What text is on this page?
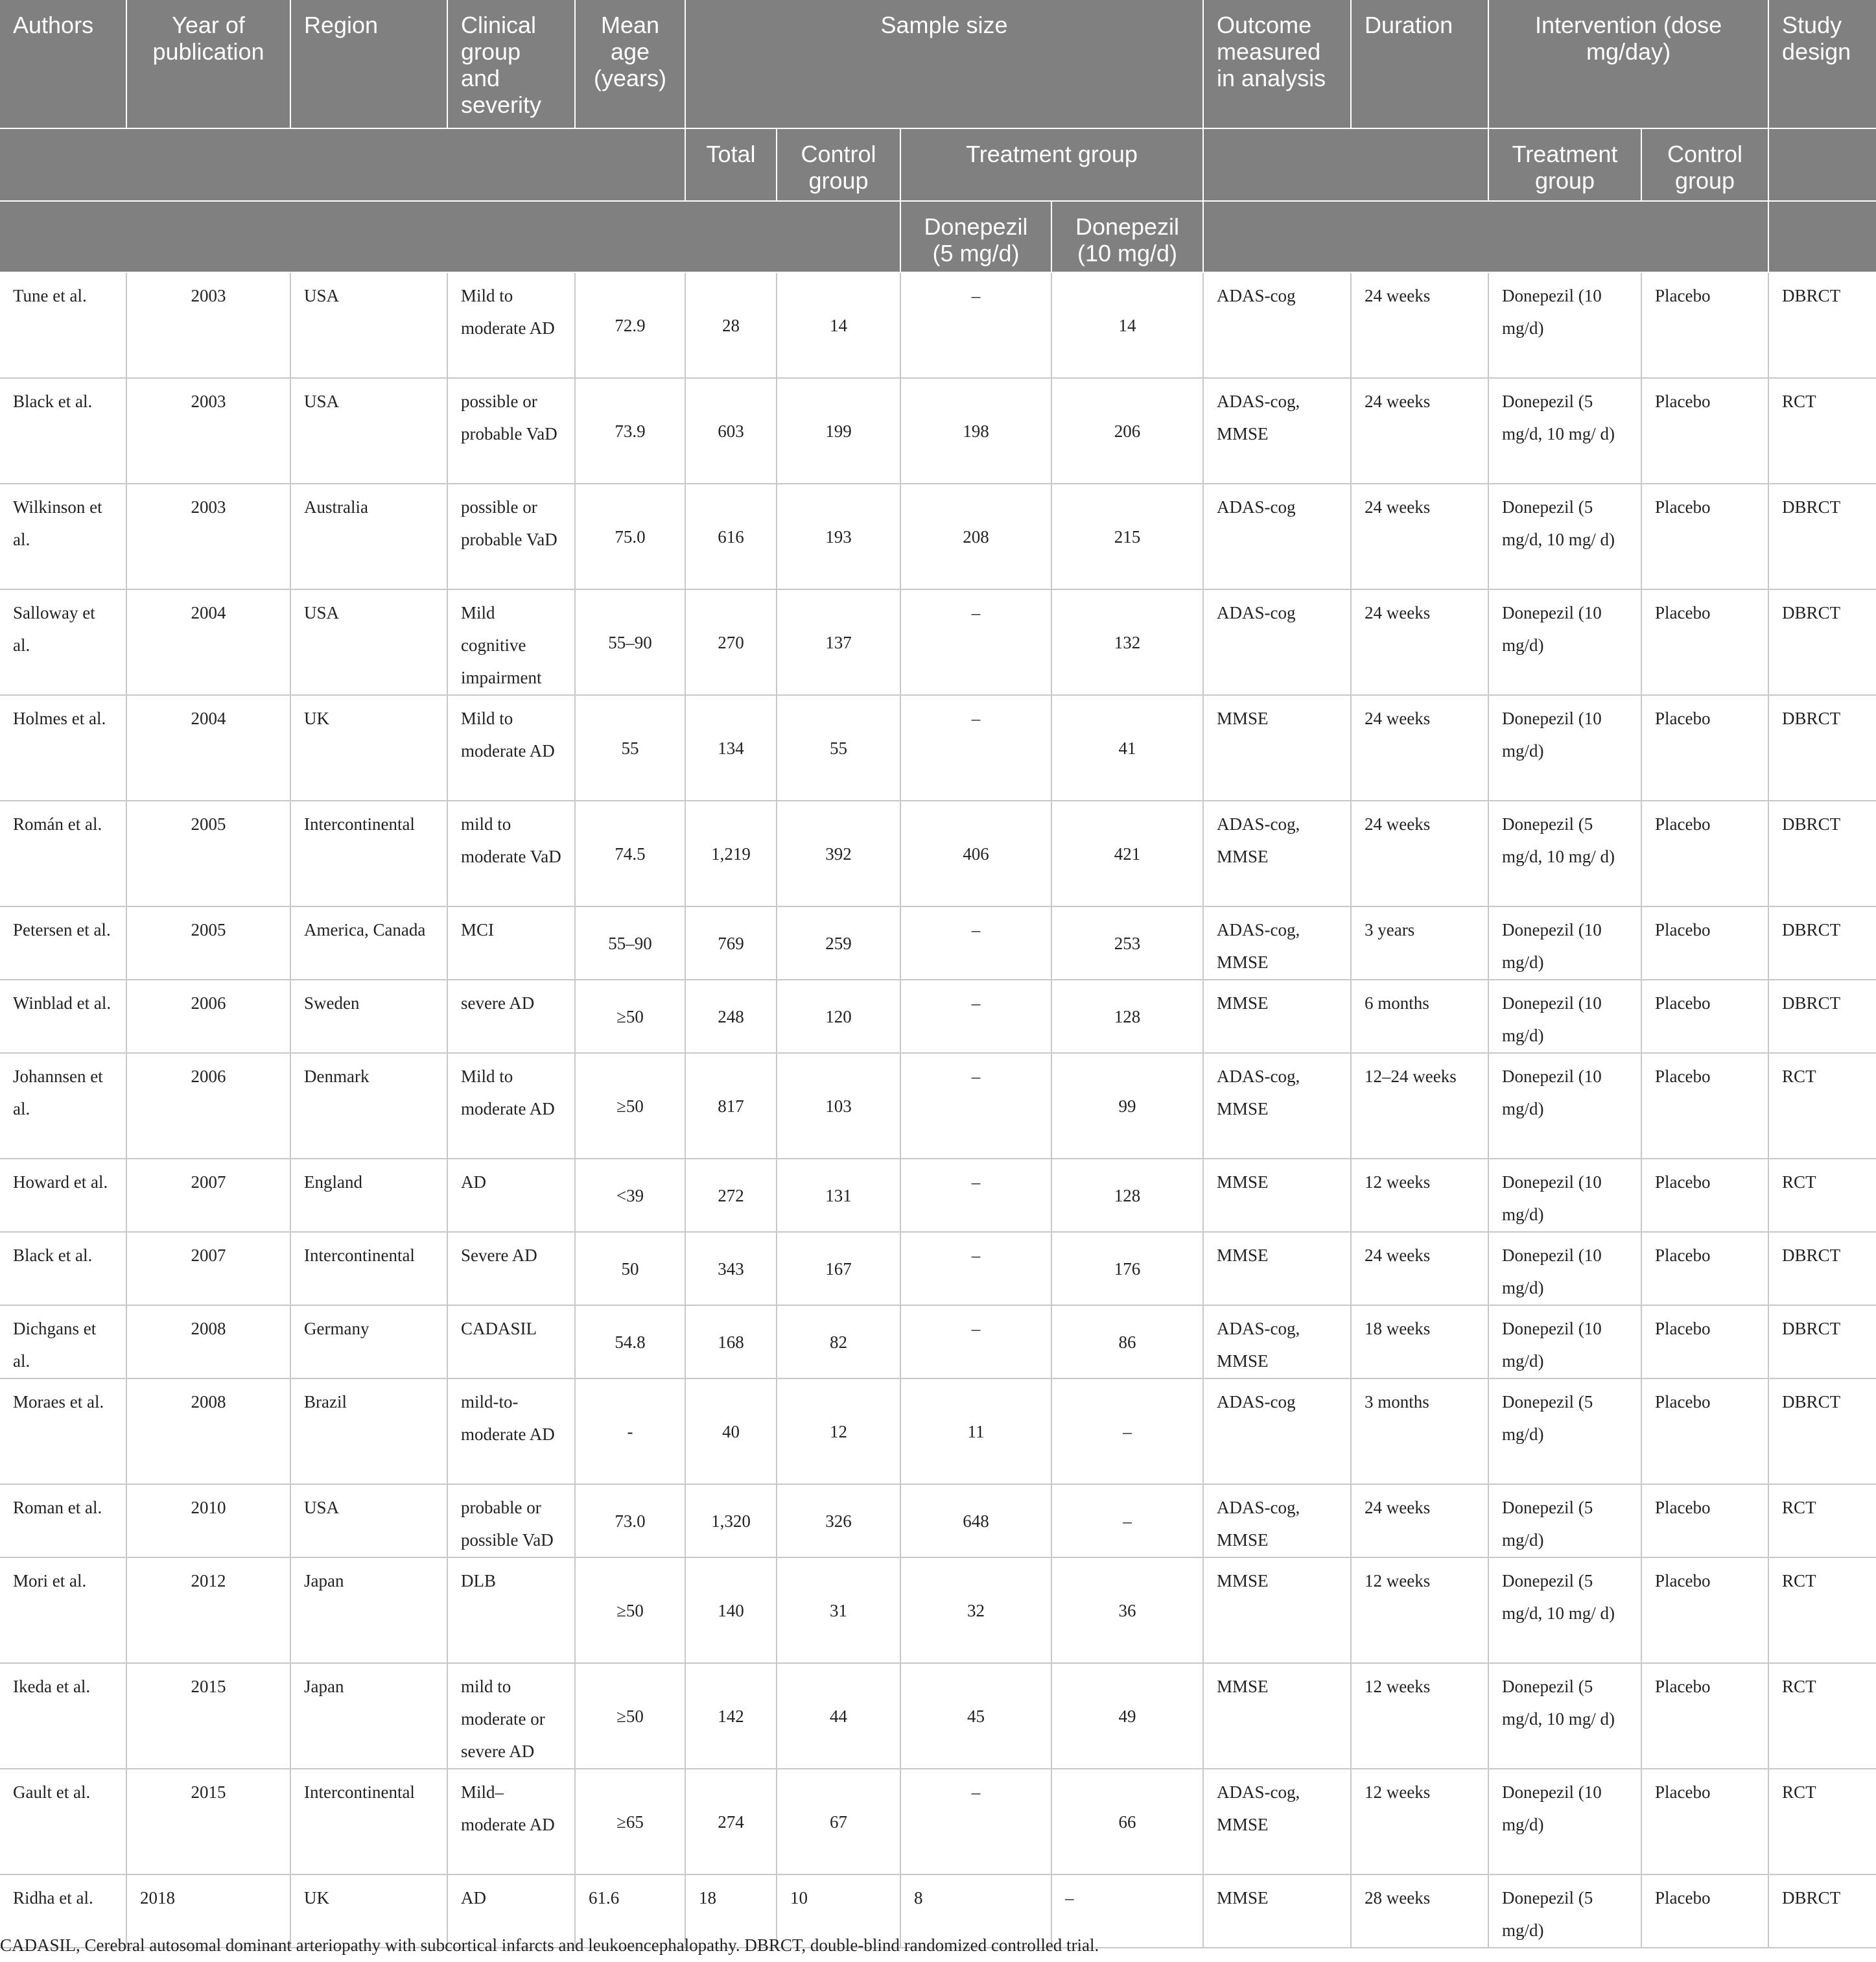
Authors	Year of publication	Region	Clinical group and severity	Mean age (years)	Sample size				Outcome measured in analysis	Duration	Intervention (dose mg/day)		Study design
					Total	Control group	Treatment group				Treatment group	Control group	
							Donepezil (5 mg/d)	Donepezil (10 mg/d)					
Tune et al.	2003	USA	Mild to moderate AD	72.9	28	14	–	14	ADAS-cog	24 weeks	Donepezil (10 mg/d)	Placebo	DBRCT
Black et al.	2003	USA	possible or probable VaD	73.9	603	199	198	206	ADAS-cog, MMSE	24 weeks	Donepezil (5 mg/d, 10 mg/ d)	Placebo	RCT
Wilkinson et al.	2003	Australia	possible or probable VaD	75.0	616	193	208	215	ADAS-cog	24 weeks	Donepezil (5 mg/d, 10 mg/ d)	Placebo	DBRCT
Salloway et al.	2004	USA	Mild cognitive impairment	55–90	270	137	–	132	ADAS-cog	24 weeks	Donepezil (10 mg/d)	Placebo	DBRCT
Holmes et al.	2004	UK	Mild to moderate AD	55	134	55	–	41	MMSE	24 weeks	Donepezil (10 mg/d)	Placebo	DBRCT
Román et al.	2005	Intercontinental	mild to moderate VaD	74.5	1,219	392	406	421	ADAS-cog, MMSE	24 weeks	Donepezil (5 mg/d, 10 mg/ d)	Placebo	DBRCT
Petersen et al.	2005	America, Canada	MCI	55–90	769	259	–	253	ADAS-cog, MMSE	3 years	Donepezil (10 mg/d)	Placebo	DBRCT
Winblad et al.	2006	Sweden	severe AD	≥50	248	120	–	128	MMSE	6 months	Donepezil (10 mg/d)	Placebo	DBRCT
Johannsen et al.	2006	Denmark	Mild to moderate AD	≥50	817	103	–	99	ADAS-cog, MMSE	12–24 weeks	Donepezil (10 mg/d)	Placebo	RCT
Howard et al.	2007	England	AD	<39	272	131	–	128	MMSE	12 weeks	Donepezil (10 mg/d)	Placebo	RCT
Black et al.	2007	Intercontinental	Severe AD	50	343	167	–	176	MMSE	24 weeks	Donepezil (10 mg/d)	Placebo	DBRCT
Dichgans et al.	2008	Germany	CADASIL	54.8	168	82	–	86	ADAS-cog, MMSE	18 weeks	Donepezil (10 mg/d)	Placebo	DBRCT
Moraes et al.	2008	Brazil	mild-to-moderate AD	-	40	12	11	–	ADAS-cog	3 months	Donepezil (5 mg/d)	Placebo	DBRCT
Roman et al.	2010	USA	probable or possible VaD	73.0	1,320	326	648	–	ADAS-cog, MMSE	24 weeks	Donepezil (5 mg/d)	Placebo	RCT
Mori et al.	2012	Japan	DLB	≥50	140	31	32	36	MMSE	12 weeks	Donepezil (5 mg/d, 10 mg/ d)	Placebo	RCT
Ikeda et al.	2015	Japan	mild to moderate or severe AD	≥50	142	44	45	49	MMSE	12 weeks	Donepezil (5 mg/d, 10 mg/ d)	Placebo	RCT
Gault et al.	2015	Intercontinental	Mild–moderate AD	≥65	274	67	–	66	ADAS-cog, MMSE	12 weeks	Donepezil (10 mg/d)	Placebo	RCT
Ridha et al.	2018	UK	AD	61.6	18	10	8	–	MMSE	28 weeks	Donepezil (5 mg/d)	Placebo	DBRCT

CADASIL, Cerebral autosomal dominant arteriopathy with subcortical infarcts and leukoencephalopathy. DBRCT, double-blind randomized controlled trial.
